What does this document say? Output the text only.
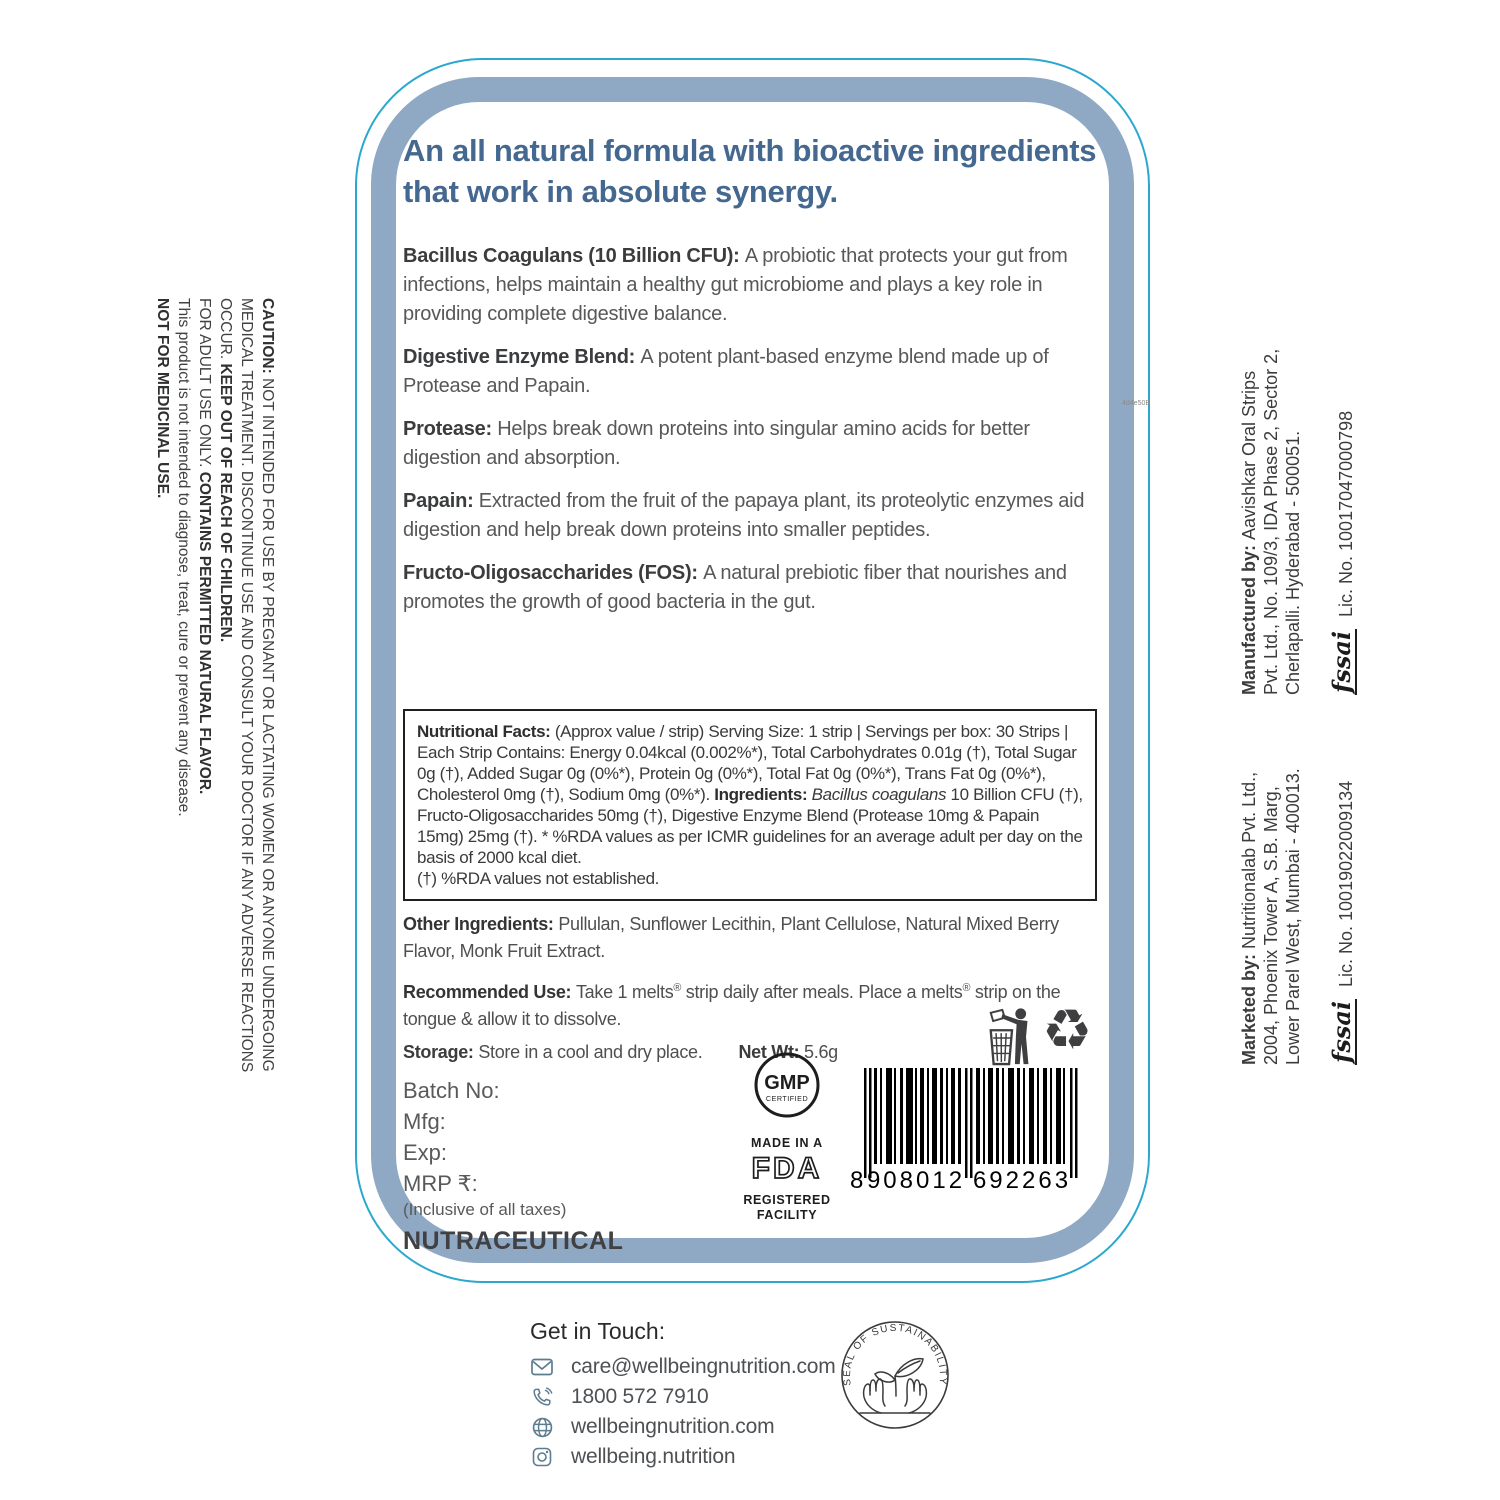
4d4e50B
An all natural formula with bioactive ingredients
that work in absolute synergy.

Bacillus Coagulans (10 Billion CFU): A probiotic that protects your gut from infections, helps maintain a healthy gut microbiome and plays a key role in providing complete digestive balance.

Digestive Enzyme Blend: A potent plant-based enzyme blend made up of Protease and Papain.

Protease: Helps break down proteins into singular amino acids for better digestion and absorption.

Papain: Extracted from the fruit of the papaya plant, its proteolytic enzymes aid digestion and help break down proteins into smaller peptides.

Fructo-Oligosaccharides (FOS): A natural prebiotic fiber that nourishes and promotes the growth of good bacteria in the gut.

Nutritional Facts: (Approx value / strip) Serving Size: 1 strip | Servings per box: 30 Strips | Each Strip Contains: Energy 0.04kcal (0.002%*), Total Carbohydrates 0.01g (†), Total Sugar 0g (†), Added Sugar 0g (0%*), Protein 0g (0%*), Total Fat 0g (0%*), Trans Fat 0g (0%*), Cholesterol 0mg (†), Sodium 0mg (0%*). Ingredients: Bacillus coagulans 10 Billion CFU (†), Fructo-Oligosaccharides 50mg (†), Digestive Enzyme Blend (Protease 10mg & Papain 15mg) 25mg (†). * %RDA values as per ICMR guidelines for an average adult per day on the basis of 2000 kcal diet.
(†) %RDA values not established.

Other Ingredients: Pullulan, Sunflower Lecithin, Plant Cellulose, Natural Mixed Berry Flavor, Monk Fruit Extract.

Recommended Use: Take 1 melts® strip daily after meals. Place a melts® strip on the tongue & allow it to dissolve.

Storage: Store in a cool and dry place. Net Wt: 5.6g
Batch No:
Mfg:
Exp:
MRP ₹:
(Inclusive of all taxes)
NUTRACEUTICAL
GMP
CERTIFIED
MADE IN A
FDA
REGISTERED
FACILITY
♻
8 908012 692263
CAUTION: NOT INTENDED FOR USE BY PREGNANT OR LACTATING WOMEN OR ANYONE UNDERGOING
MEDICAL TREATMENT. DISCONTINUE USE AND CONSULT YOUR DOCTOR IF ANY ADVERSE REACTIONS
OCCUR. KEEP OUT OF REACH OF CHILDREN.
FOR ADULT USE ONLY. CONTAINS PERMITTED NATURAL FLAVOR.
This product is not intended to diagnose, treat, cure or prevent any disease.
NOT FOR MEDICINAL USE.
Manufactured by: Aavishkar Oral Strips Pvt. Ltd., No. 109/3, IDA Phase 2, Sector 2, Cherlapalli. Hyderabad - 500051. fssai
Lic. No. 10017047000798
Marketed by: Nutritionalab Pvt. Ltd., 2004, Phoenix Tower A, S.B. Marg, Lower Parel West, Mumbai - 400013. fssai
Lic. No. 10019022009134
Get in Touch:
care@wellbeingnutrition.com
1800 572 7910
wellbeingnutrition.com
wellbeing.nutrition
SEAL OF SUSTAINABILITY
